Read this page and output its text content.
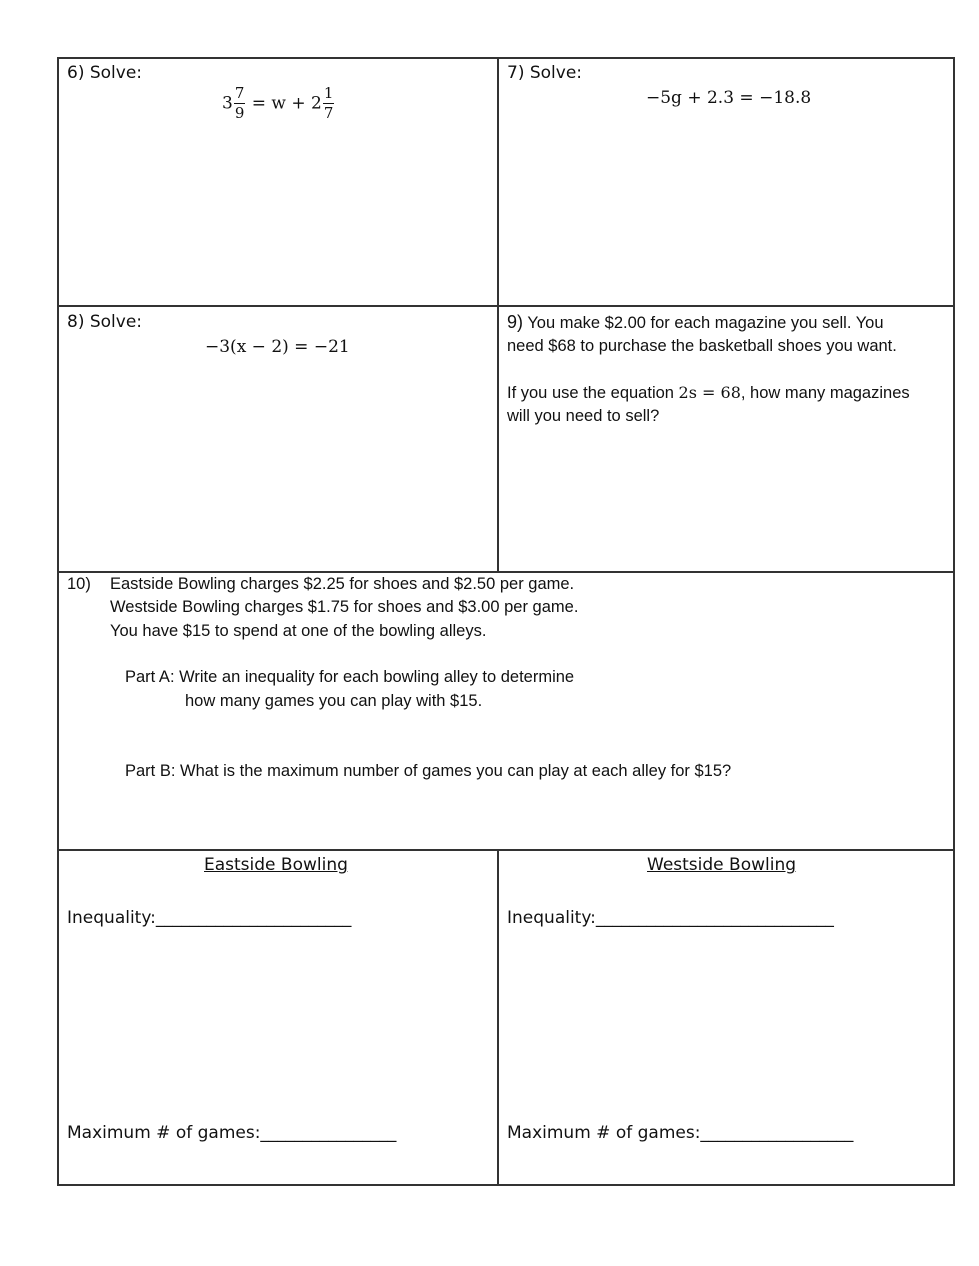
6) Solve:
$3 \frac{7}{9} = w + 2 \frac{1}{7}$
7) Solve:
−5g + 2.3 = −18.8
8) Solve:
−3(x − 2) = −21
9) You make $2.00 for each magazine you sell. You
need $68 to purchase the basketball shoes you want.
If you use the equation 2s = 68, how many magazines
will you need to sell?
10) Eastside Bowling charges $2.25 for shoes and $2.50 per game.
Westside Bowling charges $1.75 for shoes and $3.00 per game.
You have $15 to spend at one of the bowling alleys.
Part A: Write an inequality for each bowling alley to determine
how many games you can play with $15.
Part B: What is the maximum number of games you can play at each alley for $15?
Eastside Bowling
Inequality:_______________________
Maximum # of games:________________
Westside Bowling
Inequality:____________________________
Maximum # of games:__________________
